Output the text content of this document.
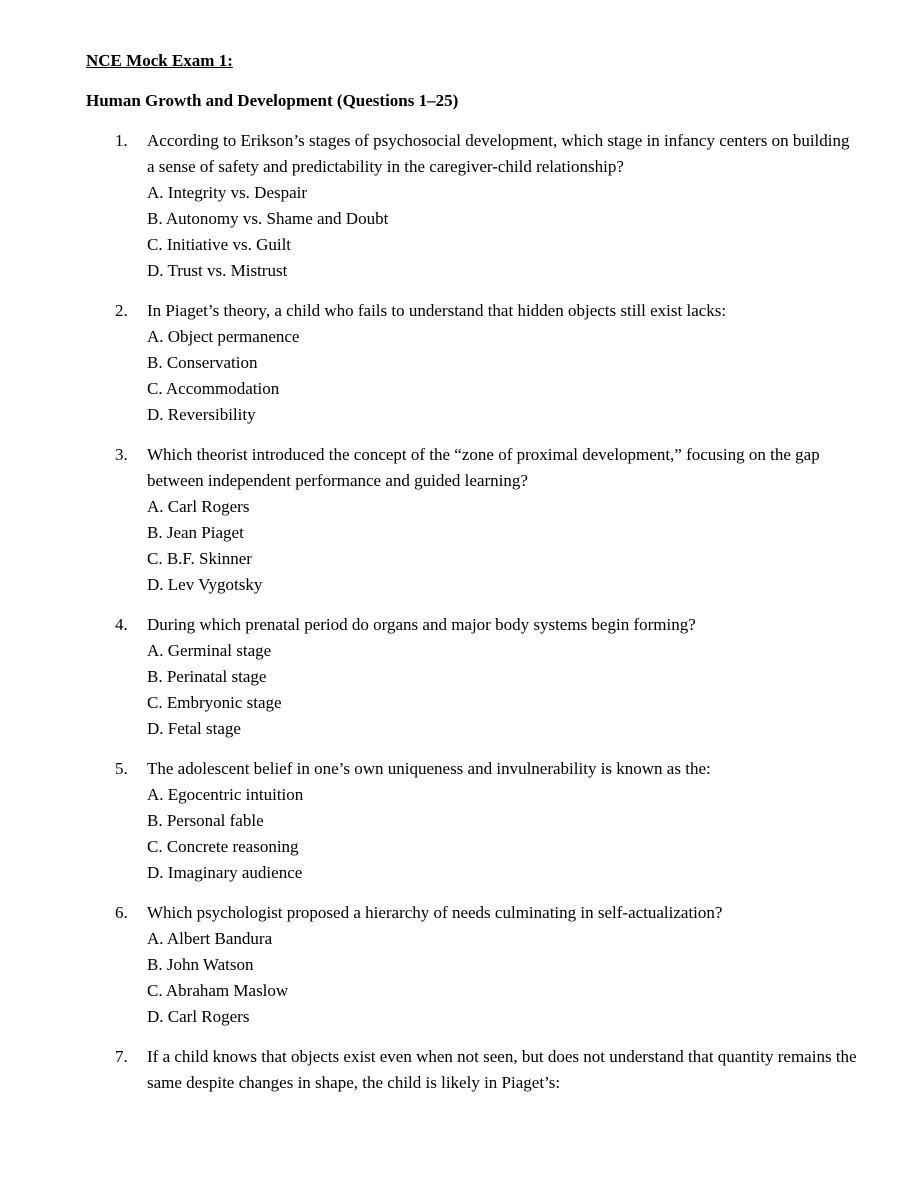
NCE Mock Exam 1:

Human Growth and Development (Questions 1–25)

1.	According to Erikson’s stages of psychosocial development, which stage in infancy centers on building a sense of safety and predictability in the caregiver-child relationship?
A. Integrity vs. Despair
B. Autonomy vs. Shame and Doubt
C. Initiative vs. Guilt
D. Trust vs. Mistrust
2.	In Piaget’s theory, a child who fails to understand that hidden objects still exist lacks:
A. Object permanence
B. Conservation
C. Accommodation
D. Reversibility
3.	Which theorist introduced the concept of the “zone of proximal development,” focusing on the gap between independent performance and guided learning?
A. Carl Rogers
B. Jean Piaget
C. B.F. Skinner
D. Lev Vygotsky
4.	During which prenatal period do organs and major body systems begin forming?
A. Germinal stage
B. Perinatal stage
C. Embryonic stage
D. Fetal stage
5.	The adolescent belief in one’s own uniqueness and invulnerability is known as the:
A. Egocentric intuition
B. Personal fable
C. Concrete reasoning
D. Imaginary audience
6.	Which psychologist proposed a hierarchy of needs culminating in self-actualization?
A. Albert Bandura
B. John Watson
C. Abraham Maslow
D. Carl Rogers
7.	If a child knows that objects exist even when not seen, but does not understand that quantity remains the same despite changes in shape, the child is likely in Piaget’s:
